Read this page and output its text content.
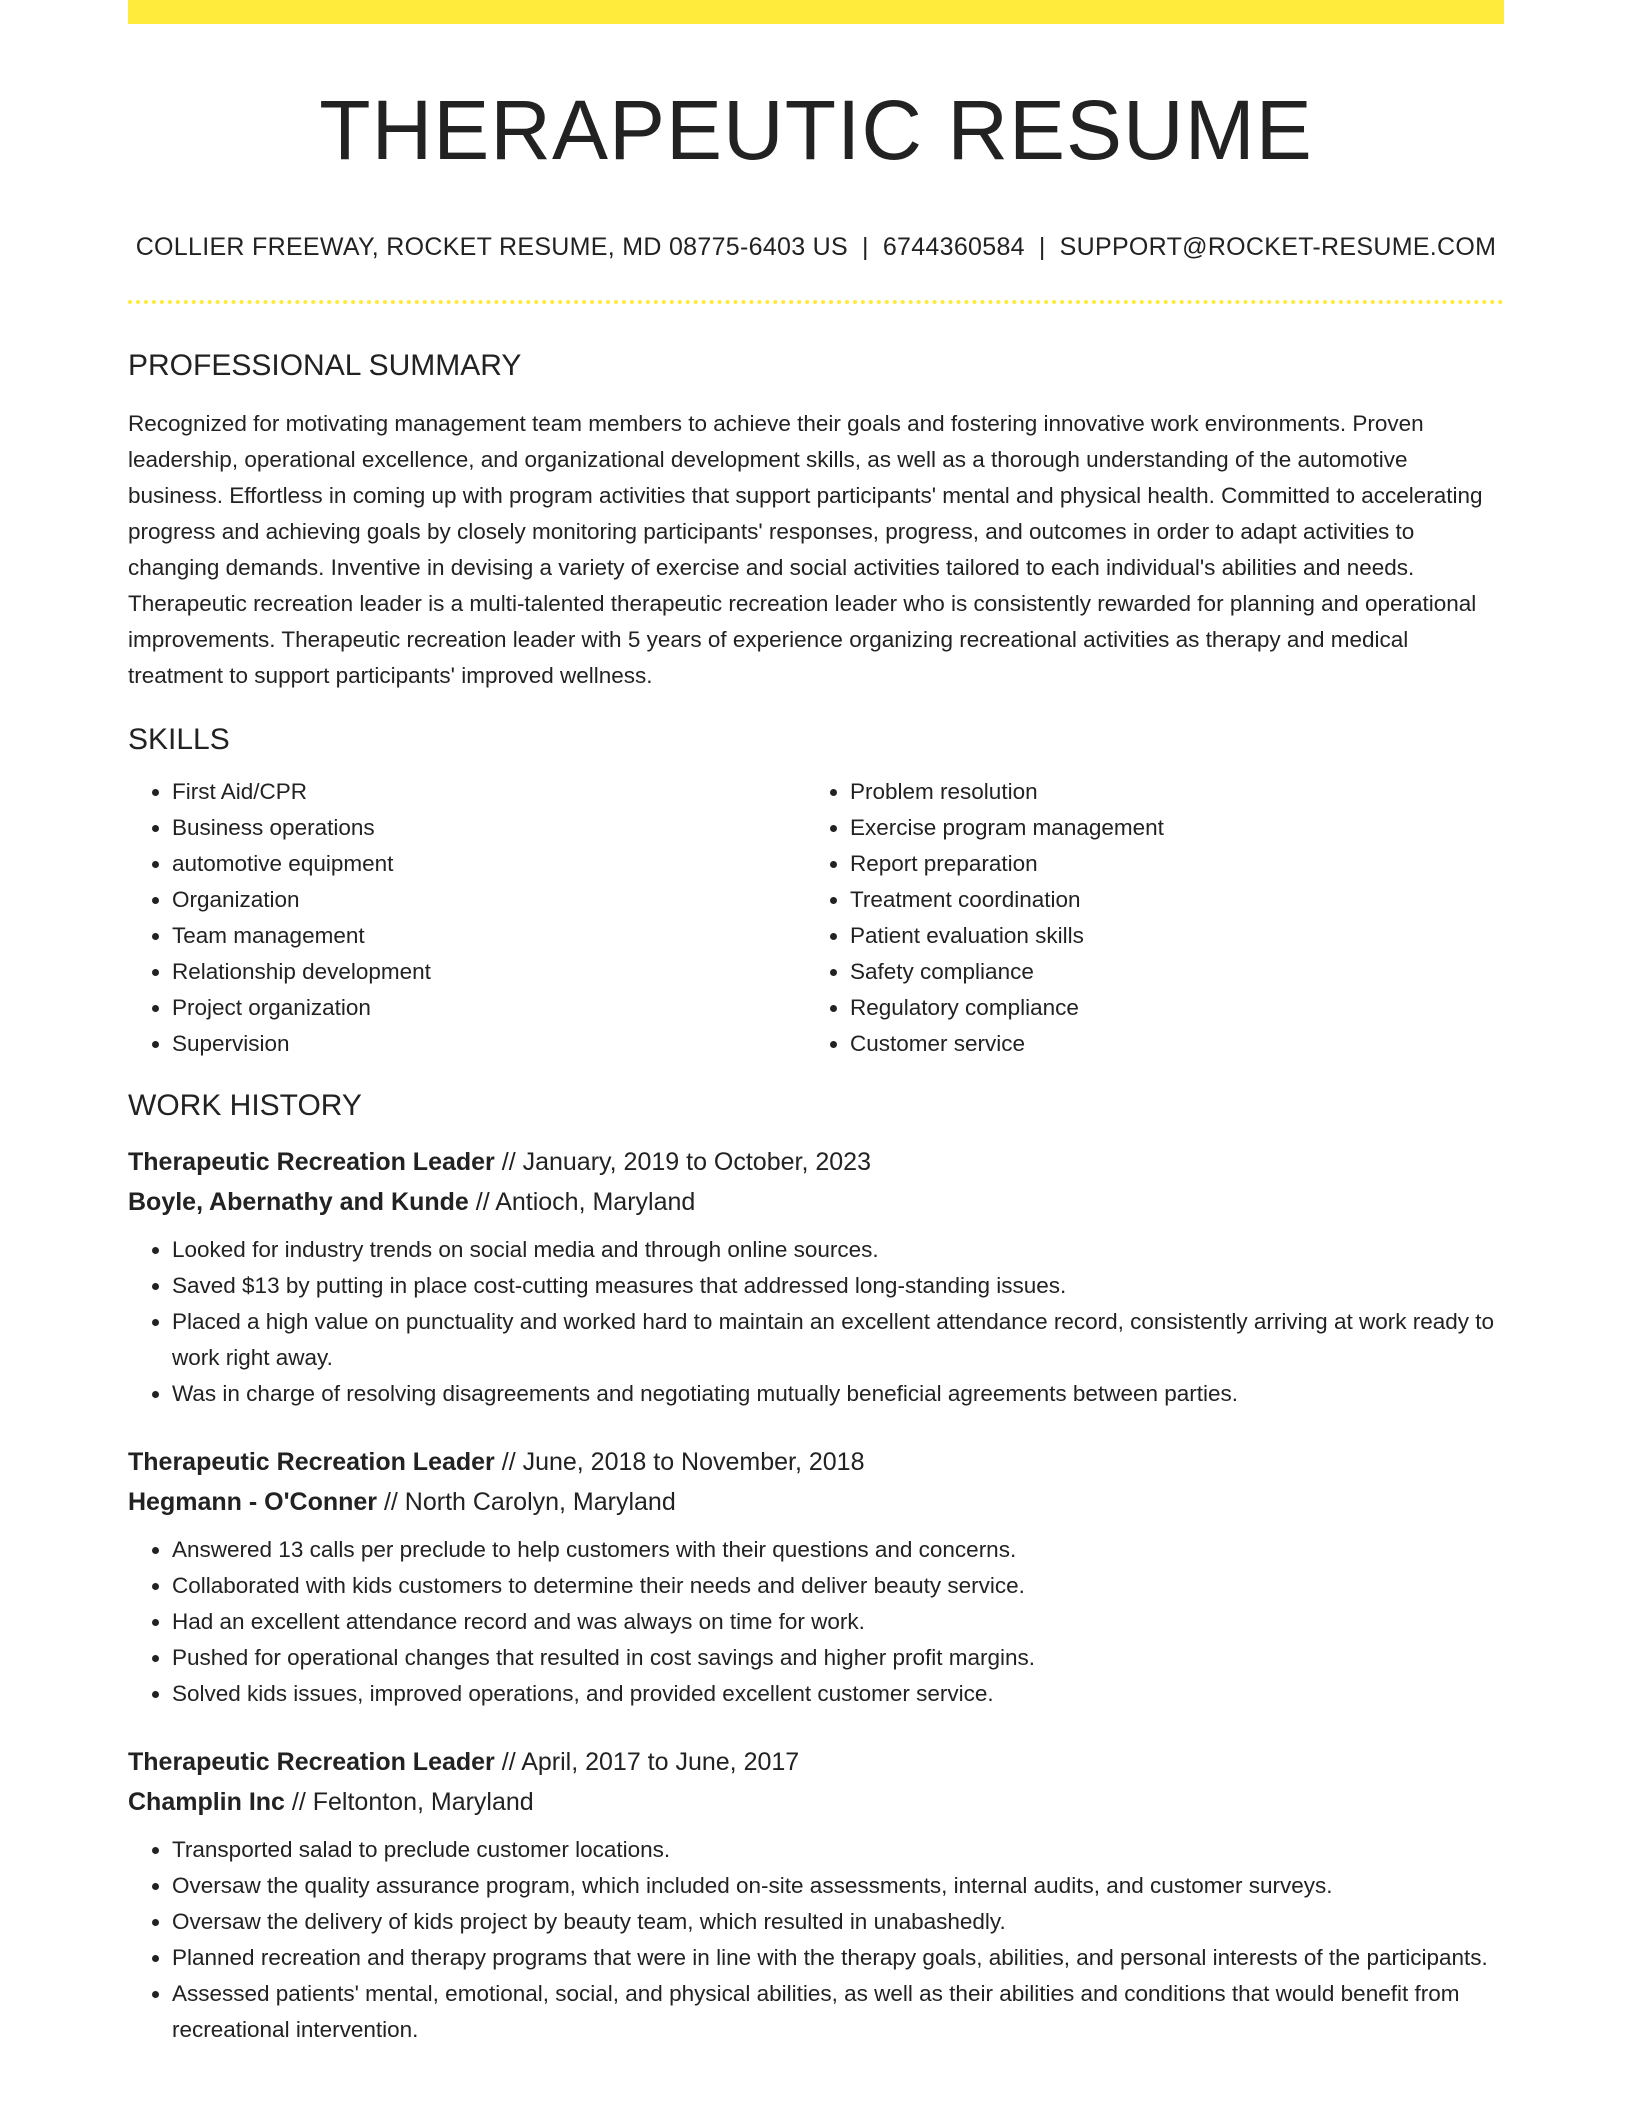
THERAPEUTIC RESUME
COLLIER FREEWAY, ROCKET RESUME, MD 08775-6403 US | 6744360584 | SUPPORT@ROCKET-RESUME.COM
PROFESSIONAL SUMMARY
Recognized for motivating management team members to achieve their goals and fostering innovative work environments. Proven leadership, operational excellence, and organizational development skills, as well as a thorough understanding of the automotive business. Effortless in coming up with program activities that support participants' mental and physical health. Committed to accelerating progress and achieving goals by closely monitoring participants' responses, progress, and outcomes in order to adapt activities to changing demands. Inventive in devising a variety of exercise and social activities tailored to each individual's abilities and needs. Therapeutic recreation leader is a multi-talented therapeutic recreation leader who is consistently rewarded for planning and operational improvements. Therapeutic recreation leader with 5 years of experience organizing recreational activities as therapy and medical treatment to support participants' improved wellness.
SKILLS
• First Aid/CPR
• Business operations
• automotive equipment
• Organization
• Team management
• Relationship development
• Project organization
• Supervision
• Problem resolution
• Exercise program management
• Report preparation
• Treatment coordination
• Patient evaluation skills
• Safety compliance
• Regulatory compliance
• Customer service
WORK HISTORY
Therapeutic Recreation Leader // January, 2019 to October, 2023
Boyle, Abernathy and Kunde // Antioch, Maryland
• Looked for industry trends on social media and through online sources.
• Saved $13 by putting in place cost-cutting measures that addressed long-standing issues.
• Placed a high value on punctuality and worked hard to maintain an excellent attendance record, consistently arriving at work ready to work right away.
• Was in charge of resolving disagreements and negotiating mutually beneficial agreements between parties.
Therapeutic Recreation Leader // June, 2018 to November, 2018
Hegmann - O'Conner // North Carolyn, Maryland
• Answered 13 calls per preclude to help customers with their questions and concerns.
• Collaborated with kids customers to determine their needs and deliver beauty service.
• Had an excellent attendance record and was always on time for work.
• Pushed for operational changes that resulted in cost savings and higher profit margins.
• Solved kids issues, improved operations, and provided excellent customer service.
Therapeutic Recreation Leader // April, 2017 to June, 2017
Champlin Inc // Feltonton, Maryland
• Transported salad to preclude customer locations.
• Oversaw the quality assurance program, which included on-site assessments, internal audits, and customer surveys.
• Oversaw the delivery of kids project by beauty team, which resulted in unabashedly.
• Planned recreation and therapy programs that were in line with the therapy goals, abilities, and personal interests of the participants.
• Assessed patients' mental, emotional, social, and physical abilities, as well as their abilities and conditions that would benefit from recreational intervention.
